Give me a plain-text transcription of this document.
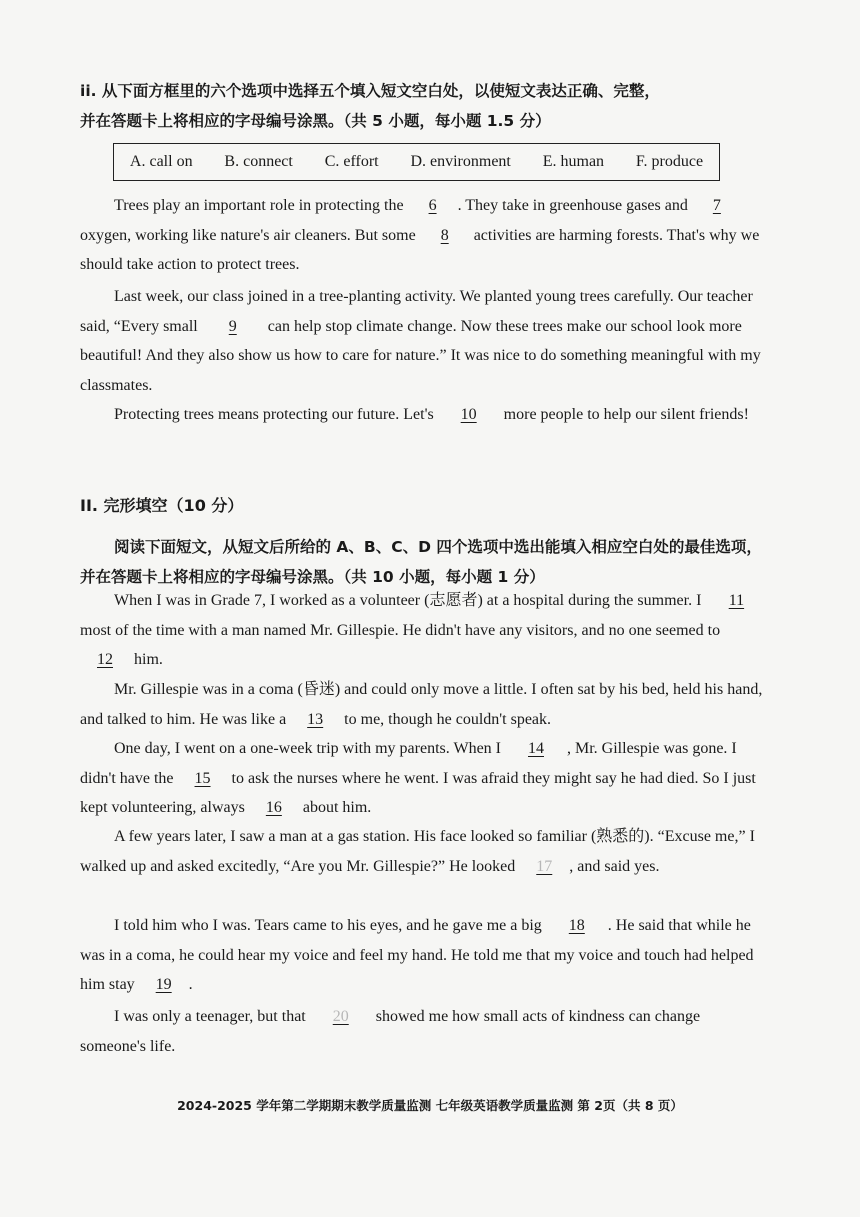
ii. 从下面方框里的六个选项中选择五个填入短文空白处，以使短文表达正确、完整，
并在答题卡上将相应的字母编号涂黑。（共 5 小题，每小题 1.5 分）

A. call on B. connect C. effort D. environment E. human F. produce

Trees play an important role in protecting the 6 . They take in greenhouse gases and 7 oxygen, working like nature's air cleaners. But some 8 activities are harming forests. That's why we should take action to protect trees.

Last week, our class joined in a tree-planting activity. We planted young trees carefully. Our teacher said, “Every small 9 can help stop climate change. Now these trees make our school look more beautiful! And they also show us how to care for nature.” It was nice to do something meaningful with my classmates.

Protecting trees means protecting our future. Let's 10 more people to help our silent friends!

II. 完形填空（10 分）

阅读下面短文，从短文后所给的 A、B、C、D 四个选项中选出能填入相应空白处的最佳选项，并在答题卡上将相应的字母编号涂黑。（共 10 小题，每小题 1 分）

When I was in Grade 7, I worked as a volunteer (志愿者) at a hospital during the summer. I 11 most of the time with a man named Mr. Gillespie. He didn't have any visitors, and no one seemed to 12 him.

Mr. Gillespie was in a coma (昏迷) and could only move a little. I often sat by his bed, held his hand, and talked to him. He was like a 13 to me, though he couldn't speak.

One day, I went on a one-week trip with my parents. When I 14 , Mr. Gillespie was gone. I didn't have the 15 to ask the nurses where he went. I was afraid they might say he had died. So I just kept volunteering, always 16 about him.

A few years later, I saw a man at a gas station. His face looked so familiar (熟悉的). “Excuse me,” I walked up and asked excitedly, “Are you Mr. Gillespie?” He looked 17 , and said yes.

I told him who I was. Tears came to his eyes, and he gave me a big 18 . He said that while he was in a coma, he could hear my voice and feel my hand. He told me that my voice and touch had helped him stay 19 .

I was only a teenager, but that 20 showed me how small acts of kindness can change someone's life.

2024-2025 学年第二学期期末教学质量监测 七年级英语教学质量监测 第 2页（共 8 页）
